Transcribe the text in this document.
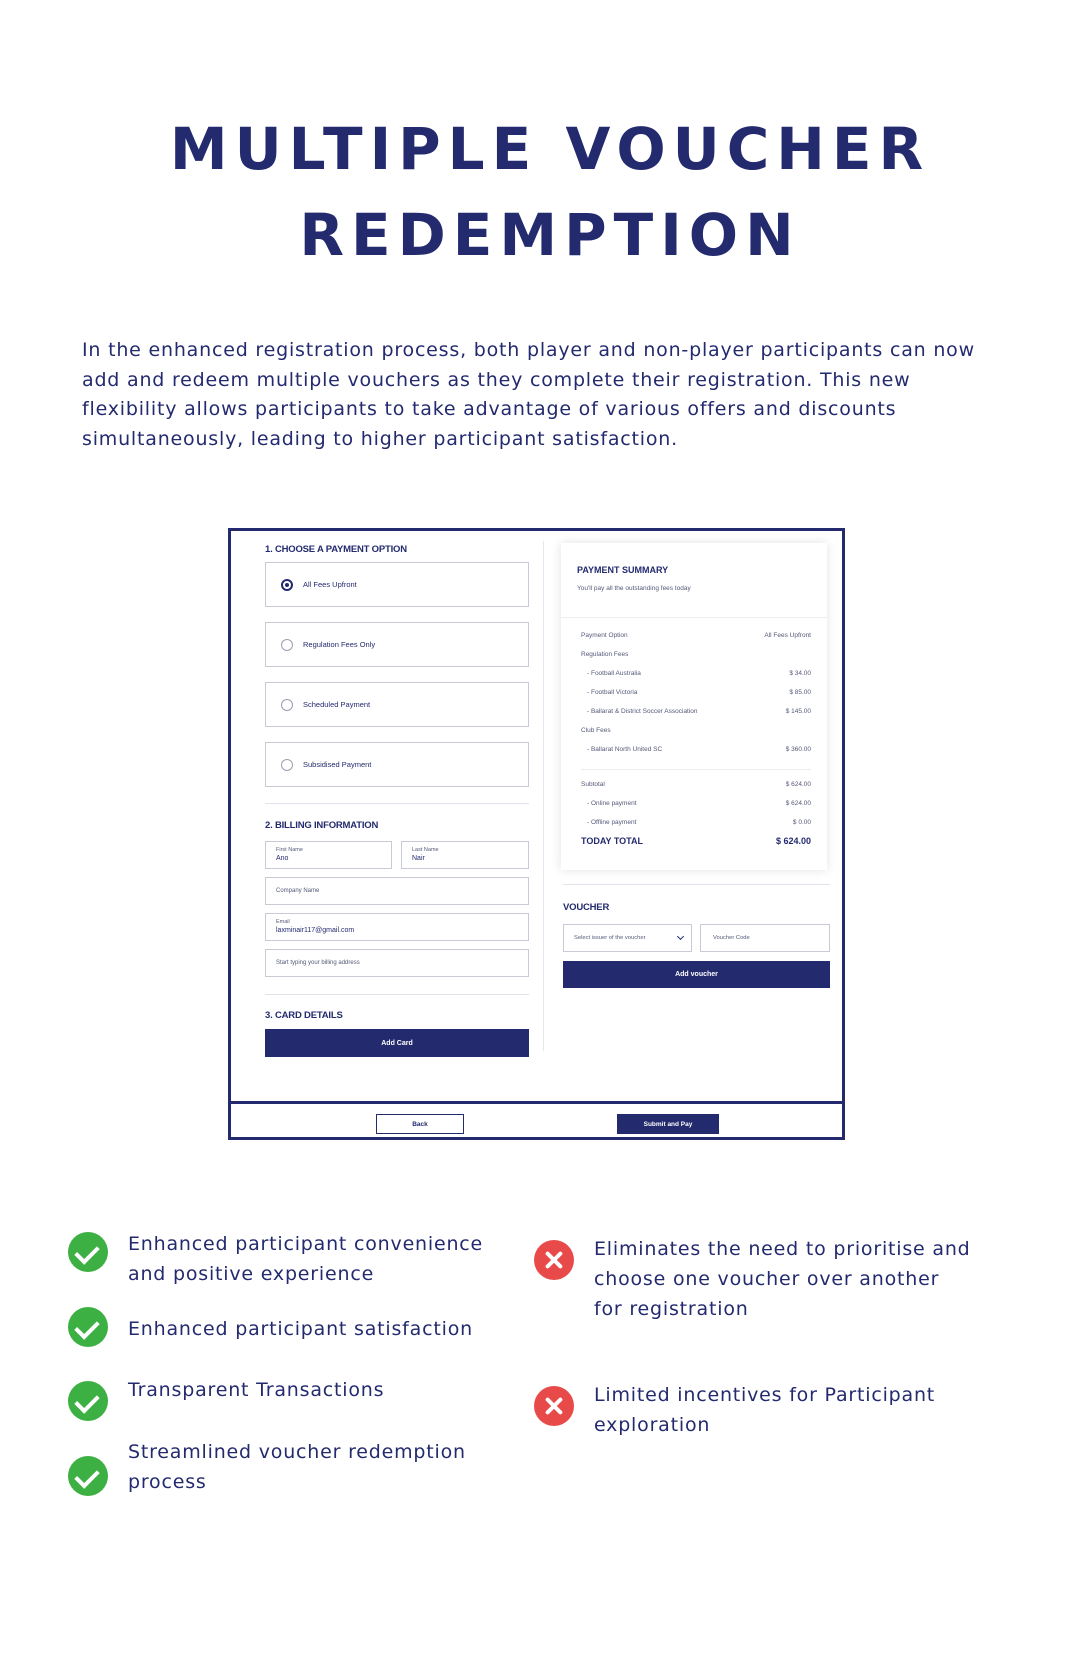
MULTIPLE VOUCHER
REDEMPTION

In the enhanced registration process, both player and non-player participants can now add and redeem multiple vouchers as they complete their registration. This new flexibility allows participants to take advantage of various offers and discounts simultaneously, leading to higher participant satisfaction.

1. CHOOSE A PAYMENT OPTION
All Fees Upfront
Regulation Fees Only
Scheduled Payment
Subsidised Payment
2. BILLING INFORMATION
First Name
Ano
Last Name
Nair
Company Name
Email
laxminair117@gmail.com
Start typing your billing address
3. CARD DETAILS
Add Card
PAYMENT SUMMARY
You'll pay all the outstanding fees today
Payment Option	All Fees Upfront
Regulation Fees
- Football Australia	$ 34.00
- Football Victoria	$ 85.00
- Ballarat & District Soccer Association	$ 145.00
Club Fees
- Ballarat North United SC	$ 360.00
Subtotal	$ 624.00
- Online payment	$ 624.00
- Offline payment	$ 0.00
TODAY TOTAL	$ 624.00
VOUCHER
Select issuer of the voucher	Voucher Code
Add voucher
Back	Submit and Pay
Enhanced participant convenience and positive experience
Enhanced participant satisfaction
Transparent Transactions
Streamlined voucher redemption process
Eliminates the need to prioritise and choose one voucher over another for registration
Limited incentives for Participant exploration
